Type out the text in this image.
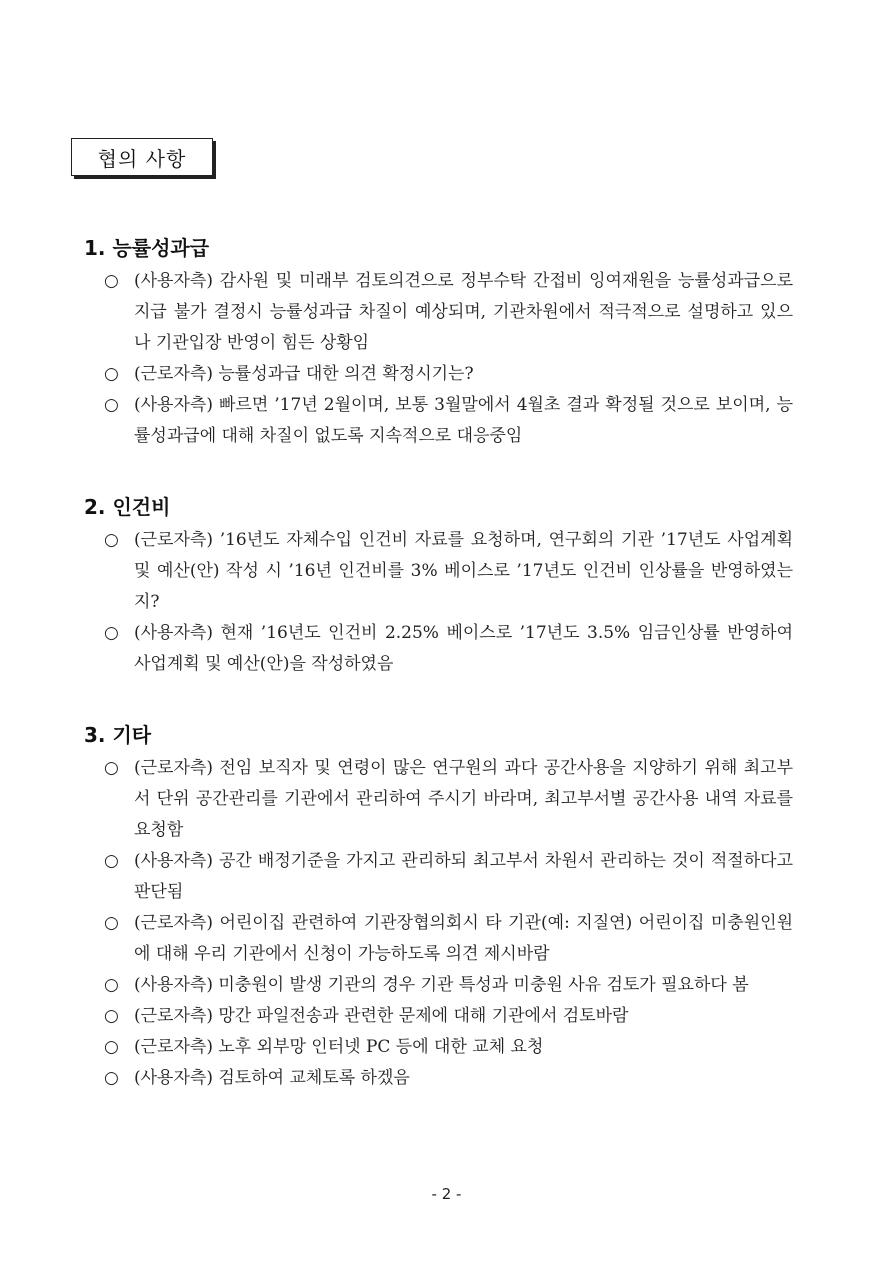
협의 사항
1. 능률성과급
○ (사용자측) 감사원 및 미래부 검토의견으로 정부수탁 간접비 잉여재원을 능률성과급으로 지급 불가 결정시 능률성과급 차질이 예상되며, 기관차원에서 적극적으로 설명하고 있으나 기관입장 반영이 힘든 상황임
○ (근로자측) 능률성과급 대한 의견 확정시기는?
○ (사용자측) 빠르면 ’17년 2월이며, 보통 3월말에서 4월초 결과 확정될 것으로 보이며, 능률성과급에 대해 차질이 없도록 지속적으로 대응중임
2. 인건비
○ (근로자측) ’16년도 자체수입 인건비 자료를 요청하며, 연구회의 기관 ’17년도 사업계획 및 예산(안) 작성 시 ’16년 인건비를 3% 베이스로 ’17년도 인건비 인상률을 반영하였는지?
○ (사용자측) 현재 ’16년도 인건비 2.25% 베이스로 ’17년도 3.5% 임금인상률 반영하여 사업계획 및 예산(안)을 작성하였음
3. 기타
○ (근로자측) 전임 보직자 및 연령이 많은 연구원의 과다 공간사용을 지양하기 위해 최고부서 단위 공간관리를 기관에서 관리하여 주시기 바라며, 최고부서별 공간사용 내역 자료를 요청함
○ (사용자측) 공간 배정기준을 가지고 관리하되 최고부서 차원서 관리하는 것이 적절하다고 판단됨
○ (근로자측) 어린이집 관련하여 기관장협의회시 타 기관(예: 지질연) 어린이집 미충원인원에 대해 우리 기관에서 신청이 가능하도록 의견 제시바람
○ (사용자측) 미충원이 발생 기관의 경우 기관 특성과 미충원 사유 검토가 필요하다 봄
○ (근로자측) 망간 파일전송과 관련한 문제에 대해 기관에서 검토바람
○ (근로자측) 노후 외부망 인터넷 PC 등에 대한 교체 요청
○ (사용자측) 검토하여 교체토록 하겠음
- 2 -
